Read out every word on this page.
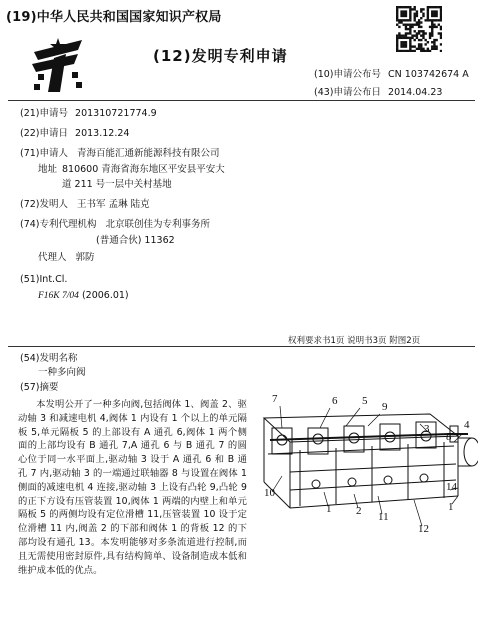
(19)中华人民共和国国家知识产权局
(12)发明专利申请
(10)申请公布号 CN 103742674 A
(43)申请公布日 2014.04.23
(21)申请号 201310721774.9
(22)申请日 2013.12.24
(71)申请人 青海百能汇通新能源科技有限公司
地址 810600 青海省海东地区平安县平安大
道 211 号一层中关村基地
(72)发明人 王书军 孟琳 陆克
(74)专利代理机构 北京联创佳为专利事务所
(普通合伙) 11362
代理人 郭防
(51)Int.Cl.
F16K 7/04 (2006.01)
权利要求书1页 说明书3页 附图2页
(54)发明名称
一种多向阀
(57)摘要
本发明公开了一种多向阀,包括阀体 1、阀盖 2、驱动轴 3 和减速电机 4,阀体 1 内设有 1 个以上的单元隔板 5,单元隔板 5 的上部设有 A 通孔 6,阀体 1 两个侧面的上部均设有 B 通孔 7,A 通孔 6 与 B 通孔 7 的圆心位于同一水平面上,驱动轴 3 设于 A 通孔 6 和 B 通孔 7 内,驱动轴 3 的一端通过联轴器 8 与设置在阀体 1 侧面的减速电机 4 连接,驱动轴 3 上设有凸轮 9,凸轮 9 的正下方设有压管装置 10,阀体 1 两端的内壁上和单元隔板 5 的两侧均设有定位滑槽 11,压管装置 10 设于定位滑槽 11 内,阀盖 2 的下部和阀体 1 的背板 12 的下部均设有通孔 13。本发明能够对多条流道进行控制,而且无需使用密封原件,具有结构简单、设备制造成本低和维护成本低的优点。
7	6 5 9
3
8
4
10
1 2 11
12
14
1
